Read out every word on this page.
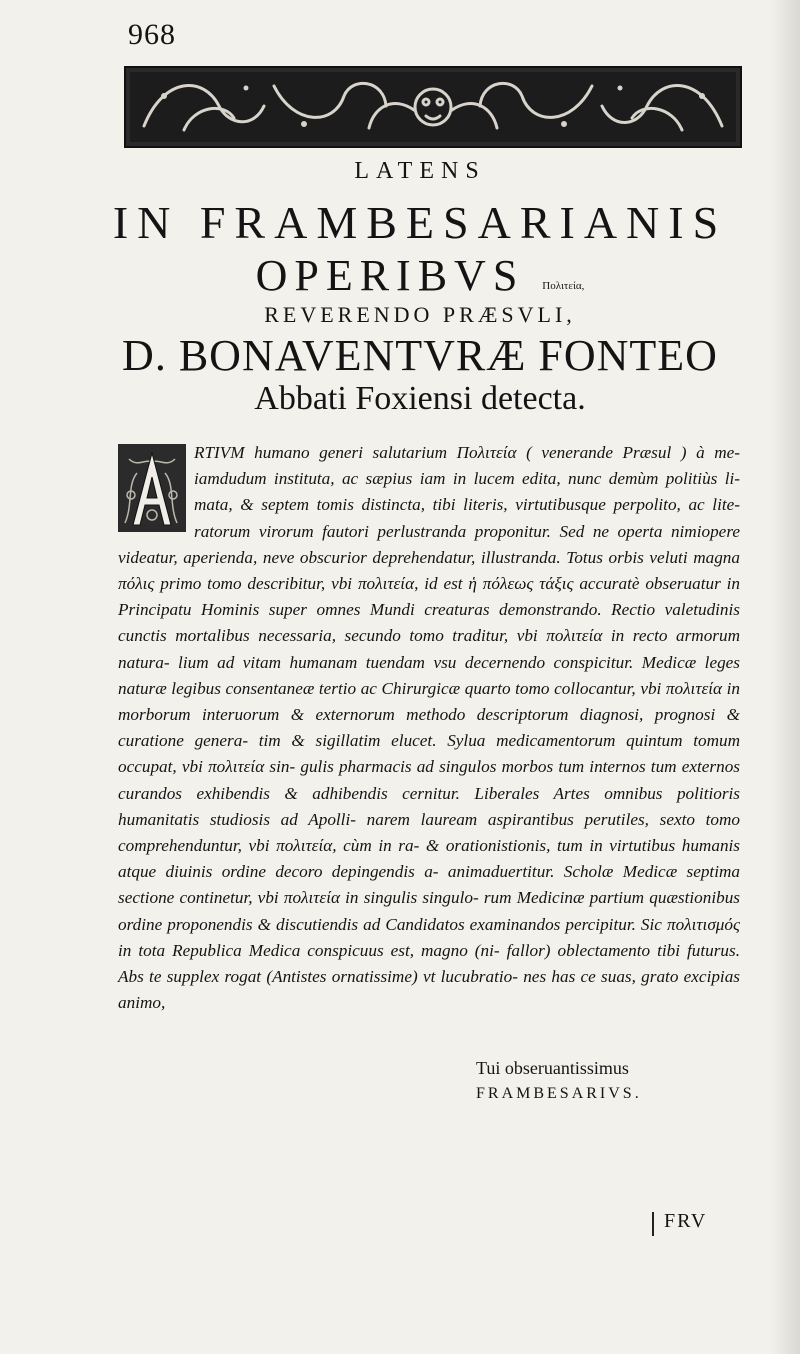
968
LATENS
IN FRAMBESARIANIS
OPERIBVS Πολιτεία,
REVERENDO PRÆSVLI,
D. BONAVENTVRÆ FONTEO
Abbati Foxiensi detecta.

RTIVM humano generi salutarium Πολιτεία ( venerande Præsul ) à me- iamdudum instituta, ac sæpius iam in lucem edita, nunc demùm politiùs li- mata, & septem tomis distincta, tibi literis, virtutibusque perpolito, ac lite- ratorum virorum fautori perlustranda proponitur. Sed ne operta nimiopere videatur, aperienda, neve obscurior deprehendatur, illustranda. Totus orbis veluti magna πόλις primo tomo describitur, vbi πολιτεία, id est ἡ πόλεως τάξις accuratè obseruatur in Principatu Hominis super omnes Mundi creaturas demonstrando. Rectio valetudinis cunctis mortalibus necessaria, secundo tomo traditur, vbi πολιτεία in recto armorum natura- lium ad vitam humanam tuendam vsu decernendo conspicitur. Medicæ leges naturæ legibus consentaneæ tertio ac Chirurgicæ quarto tomo collocantur, vbi πολιτεία in morborum interuorum & externorum methodo descriptorum diagnosi, prognosi & curatione genera- tim & sigillatim elucet. Sylua medicamentorum quintum tomum occupat, vbi πολιτεία sin- gulis pharmacis ad singulos morbos tum internos tum externos curandos exhibendis & adhibendis cernitur. Liberales Artes omnibus politioris humanitatis studiosis ad Apolli- narem lauream aspirantibus perutiles, sexto tomo comprehenduntur, vbi πολιτεία, cùm in ra- & orationistionis, tum in virtutibus humanis atque diuinis ordine decoro depingendis a- animaduertitur. Scholæ Medicæ septima sectione continetur, vbi πολιτεία in singulis singulo- rum Medicinæ partium quæstionibus ordine proponendis & discutiendis ad Candidatos examinandos percipitur. Sic πολιτισμός in tota Republica Medica conspicuus est, magno (ni- fallor) oblectamento tibi futurus. Abs te supplex rogat (Antistes ornatissime) vt lucubratio- nes has ce suas, grato excipias animo,

Tui obseruantissimus
FRAMBESARIVS.
FRV
